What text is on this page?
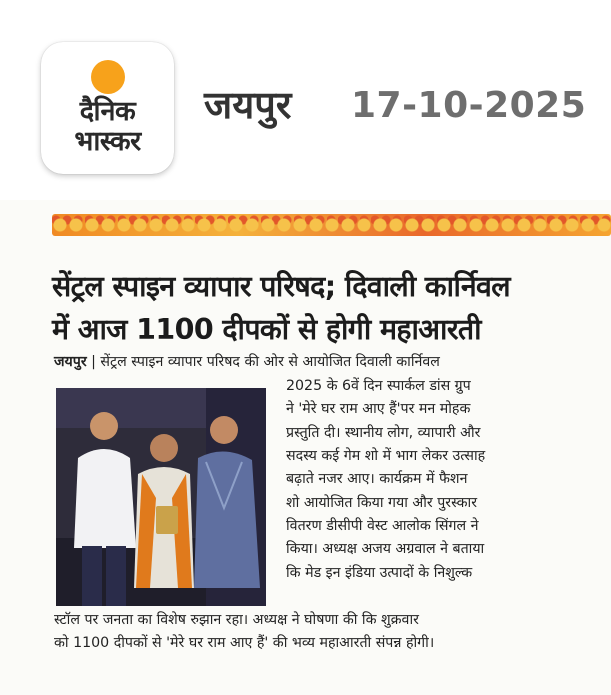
दैनिक
भास्कर
जयपुर 17-10-2025
सेंट्रल स्पाइन व्यापार परिषद; दिवाली कार्निवल
में आज 1100 दीपकों से होगी महाआरती
जयपुर | सेंट्रल स्पाइन व्यापार परिषद की ओर से आयोजित दिवाली कार्निवल
2025 के 6वें दिन स्पार्कल डांस ग्रुप
ने 'मेरे घर राम आए हैं'पर मन मोहक
प्रस्तुति दी। स्थानीय लोग, व्यापारी और
सदस्य कई गेम शो में भाग लेकर उत्साह
बढ़ाते नजर आए। कार्यक्रम में फैशन
शो आयोजित किया गया और पुरस्कार
वितरण डीसीपी वेस्ट आलोक सिंगल ने
किया। अध्यक्ष अजय अग्रवाल ने बताया
कि मेड इन इंडिया उत्पादों के निशुल्क
स्टॉल पर जनता का विशेष रुझान रहा। अध्यक्ष ने घोषणा की कि शुक्रवार
को 1100 दीपकों से 'मेरे घर राम आए हैं' की भव्य महाआरती संपन्न होगी।
